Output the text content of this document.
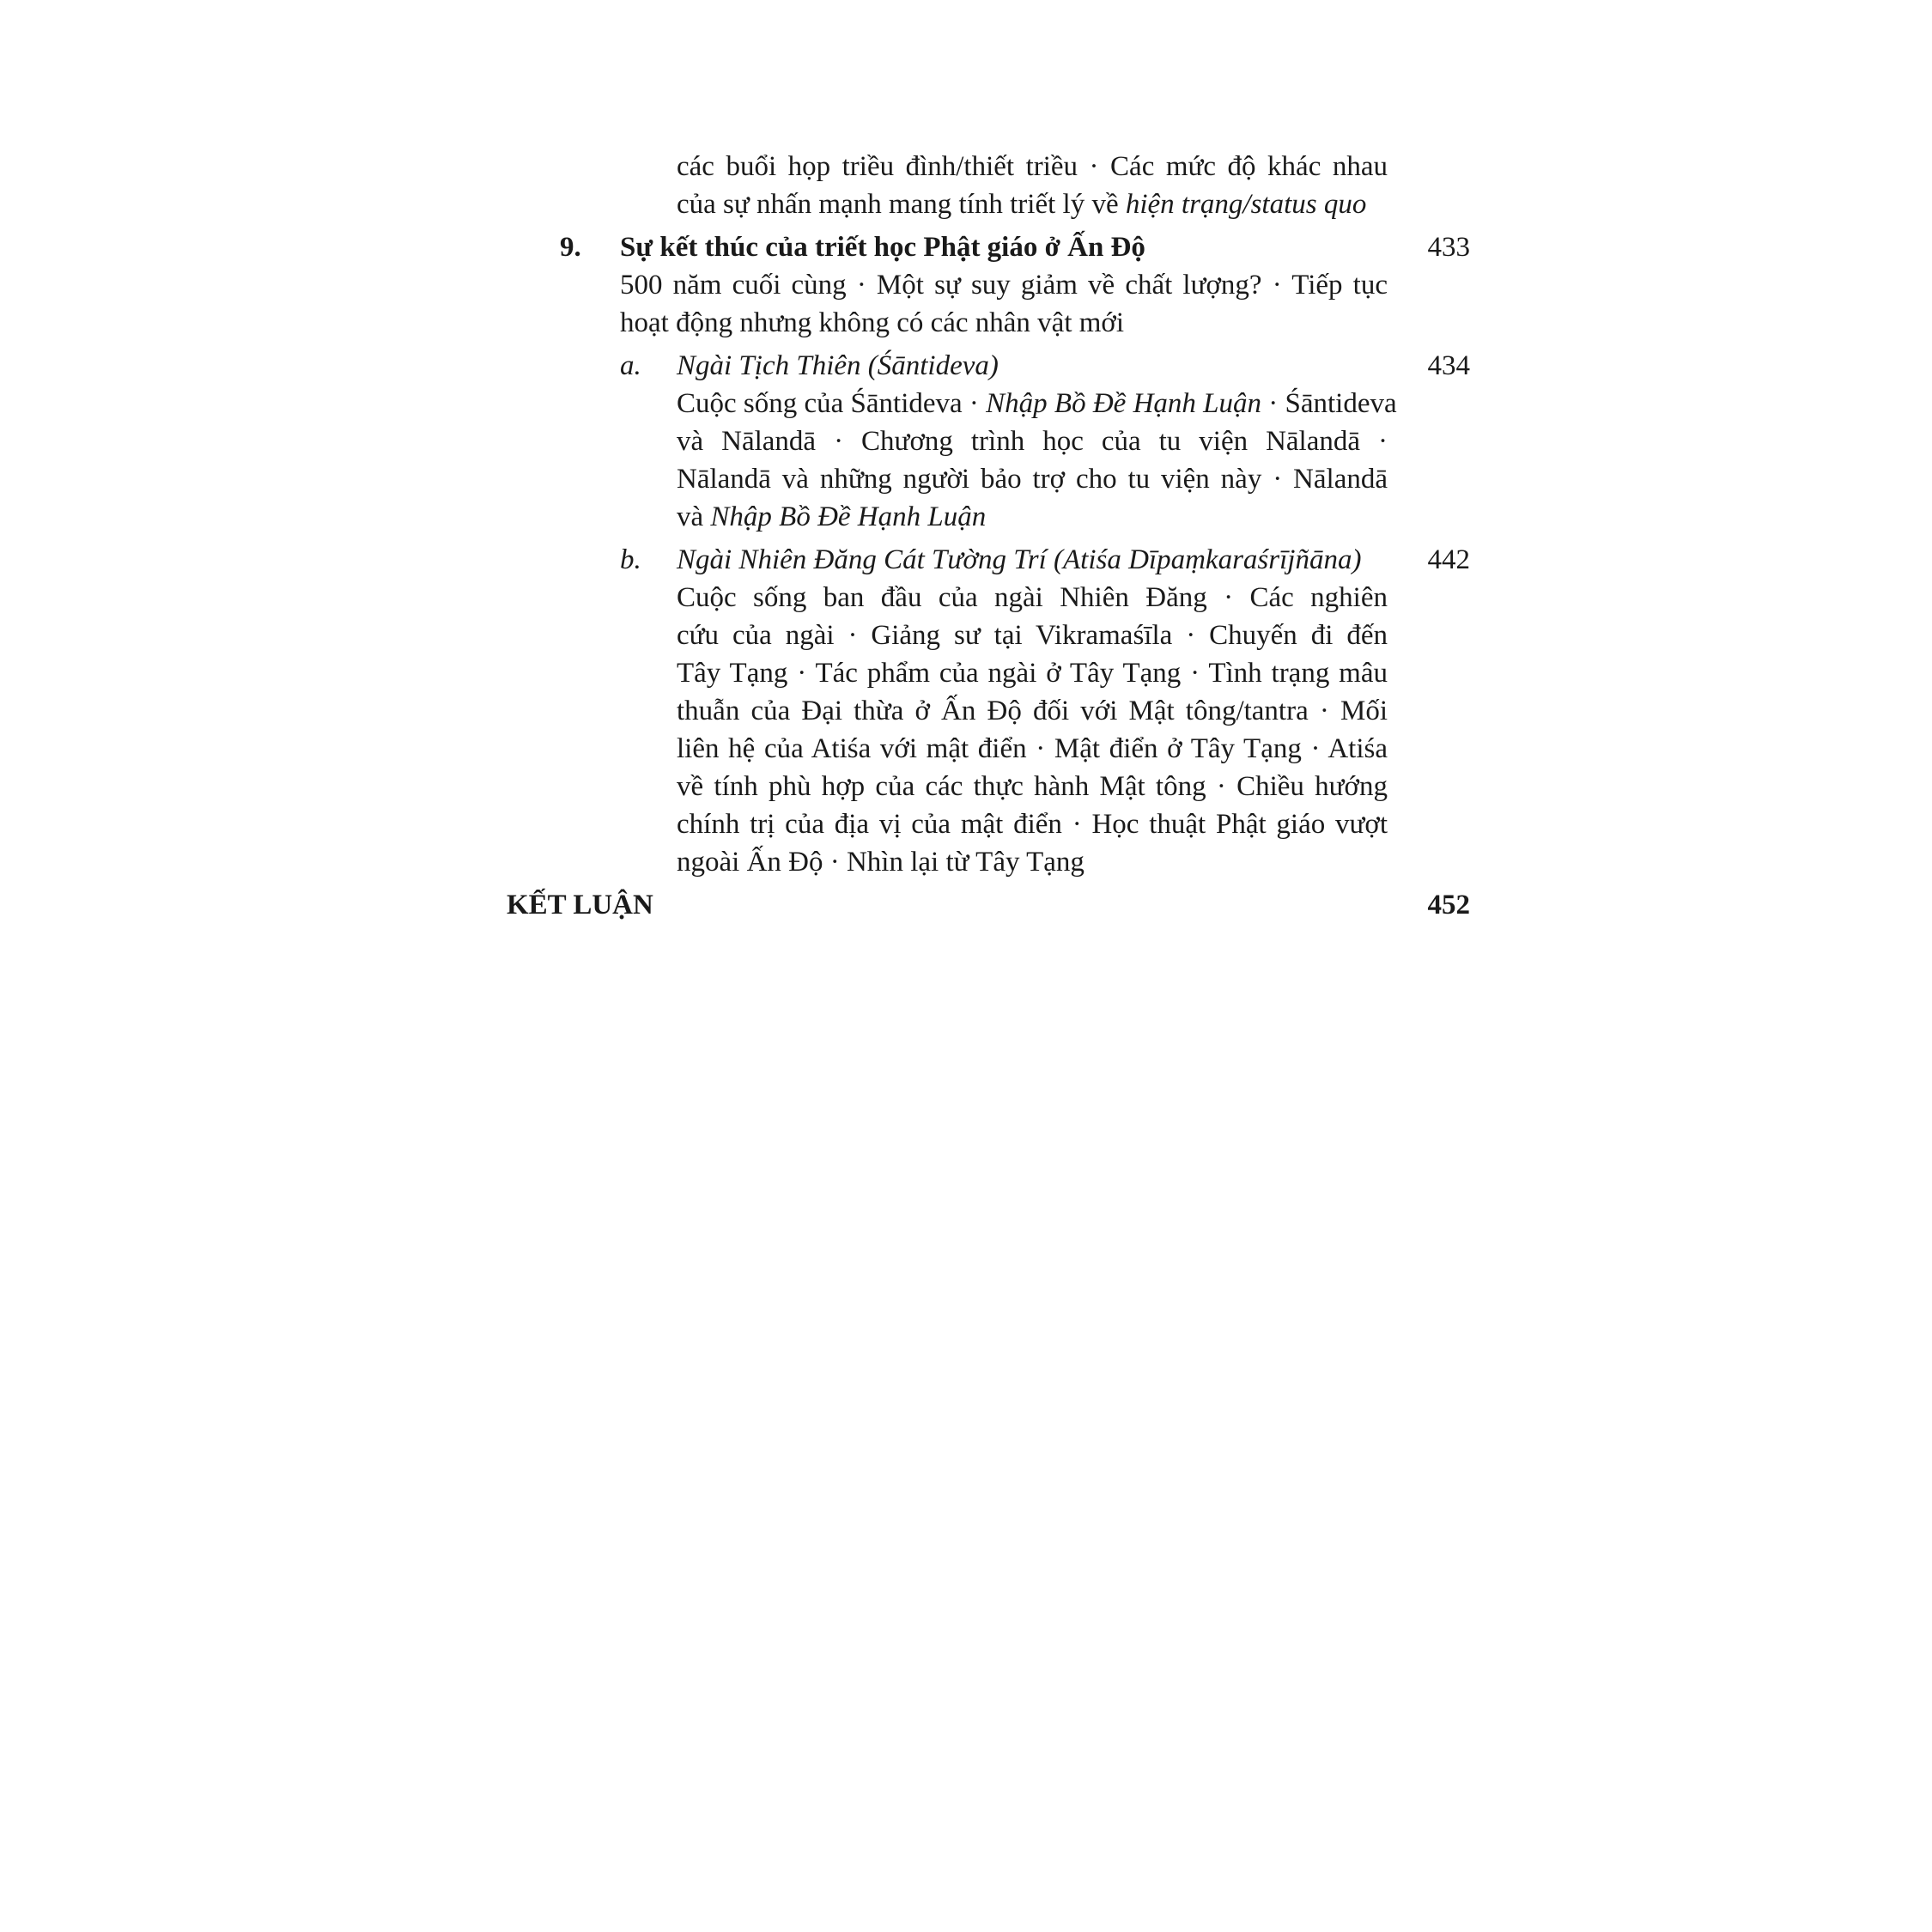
các buổi họp triều đình/thiết triều · Các mức độ khác nhau
của sự nhấn mạnh mang tính triết lý về hiện trạng/status quo
9. Sự kết thúc của triết học Phật giáo ở Ấn Độ	433
500 năm cuối cùng · Một sự suy giảm về chất lượng? · Tiếp tục
hoạt động nhưng không có các nhân vật mới
a. Ngài Tịch Thiên (Śāntideva)	434
Cuộc sống của Śāntideva · Nhập Bồ Đề Hạnh Luận · Śāntideva
và Nālandā · Chương trình học của tu viện Nālandā ·
Nālandā và những người bảo trợ cho tu viện này · Nālandā
và Nhập Bồ Đề Hạnh Luận
b. Ngài Nhiên Đăng Cát Tường Trí (Atiśa Dīpaṃkaraśrījñāna)	442
Cuộc sống ban đầu của ngài Nhiên Đăng · Các nghiên
cứu của ngài · Giảng sư tại Vikramaśīla · Chuyến đi đến
Tây Tạng · Tác phẩm của ngài ở Tây Tạng · Tình trạng mâu
thuẫn của Đại thừa ở Ấn Độ đối với Mật tông/tantra · Mối
liên hệ của Atiśa với mật điển · Mật điển ở Tây Tạng · Atiśa
về tính phù hợp của các thực hành Mật tông · Chiều hướng
chính trị của địa vị của mật điển · Học thuật Phật giáo vượt
ngoài Ấn Độ · Nhìn lại từ Tây Tạng
KẾT LUẬN	452
